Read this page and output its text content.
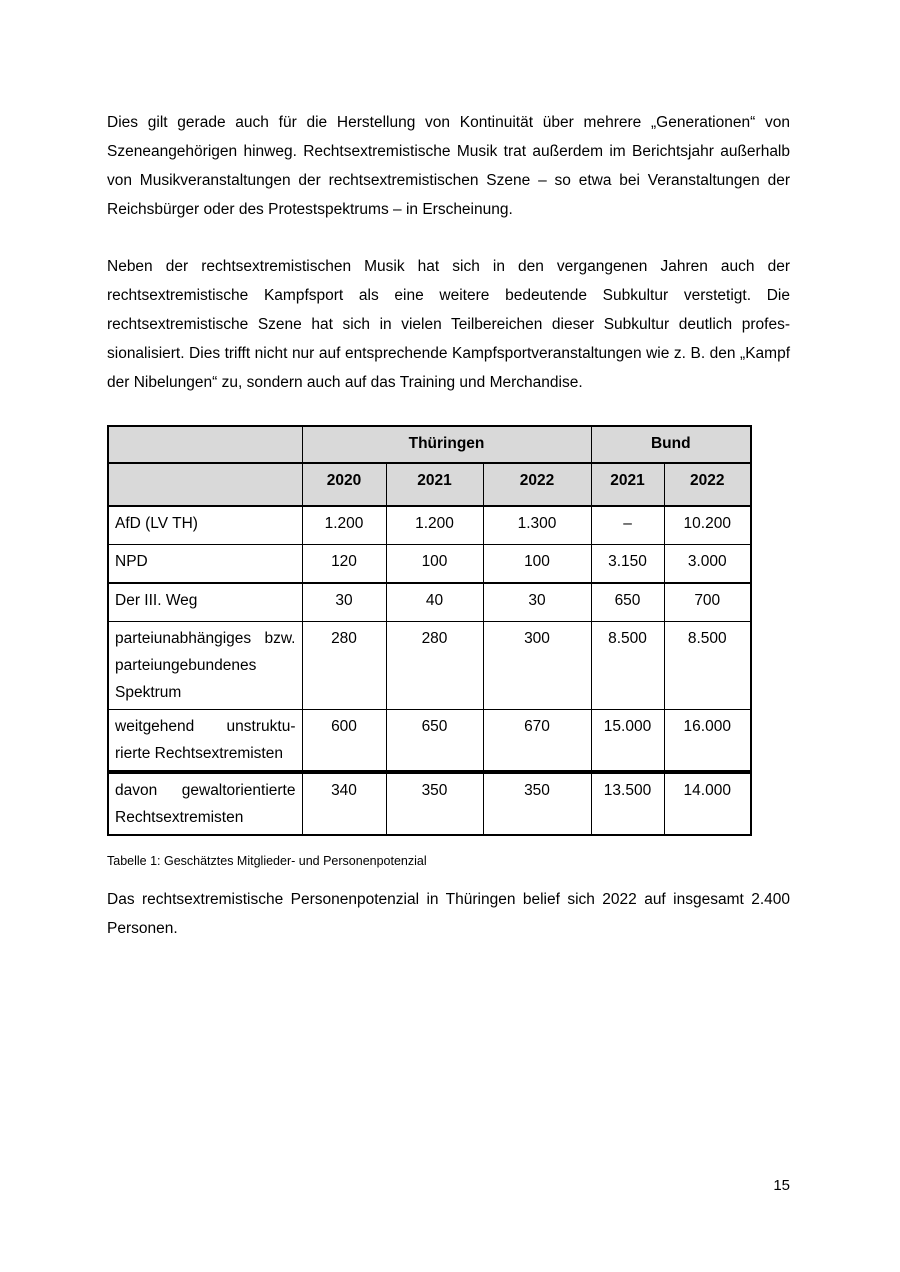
Dies gilt gerade auch für die Herstellung von Kontinuität über mehrere „Generationen“ von Szeneangehörigen hinweg. Rechtsextremistische Musik trat außerdem im Berichtsjahr außerhalb von Musikveranstaltungen der rechtsextremistischen Szene – so etwa bei Veranstaltungen der Reichsbürger oder des Protestspektrums – in Erscheinung.

Neben der rechtsextremistischen Musik hat sich in den vergangenen Jahren auch der rechtsextremistische Kampfsport als eine weitere bedeutende Subkultur verstetigt. Die rechtsextremistische Szene hat sich in vielen Teilbereichen dieser Subkultur deutlich professionalisiert. Dies trifft nicht nur auf entsprechende Kampfsportveranstaltungen wie z. B. den „Kampf der Nibelungen“ zu, sondern auch auf das Training und Merchandise.

	Thüringen			Bund	
	2020	2021	2022	2021	2022
AfD (LV TH)	1.200	1.200	1.300	–	10.200
NPD	120	100	100	3.150	3.000
Der III. Weg	30	40	30	650	700
parteiunabhängiges bzw. parteiungebundenes Spektrum	280	280	300	8.500	8.500
weitgehend unstrukturierte Rechtsextremisten	600	650	670	15.000	16.000
davon gewaltorientierte Rechtsextremisten	340	350	350	13.500	14.000
Tabelle 1: Geschätztes Mitglieder- und Personenpotenzial

Das rechtsextremistische Personenpotenzial in Thüringen belief sich 2022 auf insgesamt 2.400 Personen.

15
